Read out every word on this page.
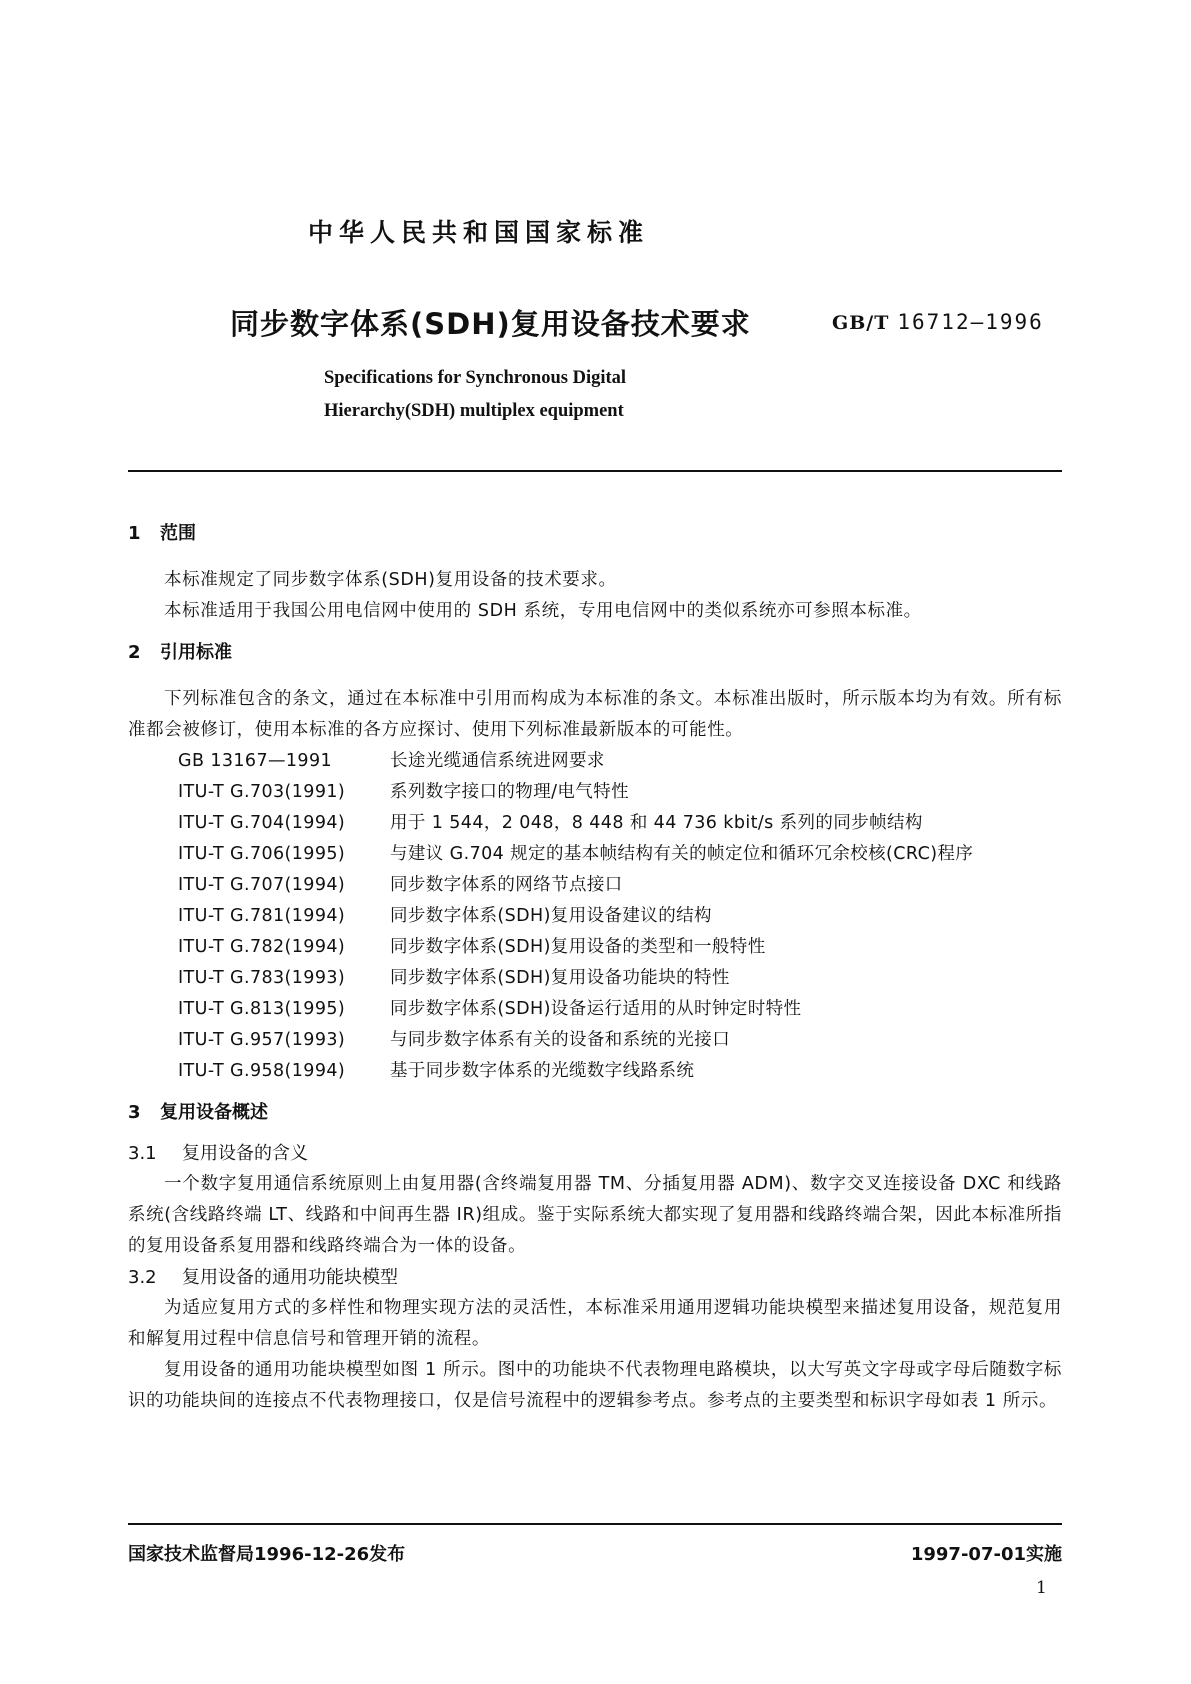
中华人民共和国国家标准
同步数字体系(SDH)复用设备技术要求	GB/T 16712—1996
Specifications for Synchronous Digital
Hierarchy(SDH) multiplex equipment
1 范围

本标准规定了同步数字体系(SDH)复用设备的技术要求。

本标准适用于我国公用电信网中使用的 SDH 系统，专用电信网中的类似系统亦可参照本标准。

2 引用标准

下列标准包含的条文，通过在本标准中引用而构成为本标准的条文。本标准出版时，所示版本均为有效。所有标准都会被修订，使用本标准的各方应探讨、使用下列标准最新版本的可能性。

GB 13167—1991	长途光缆通信系统进网要求
ITU-T G.703(1991)	系列数字接口的物理/电气特性
ITU-T G.704(1994)	用于 1 544，2 048，8 448 和 44 736 kbit/s 系列的同步帧结构
ITU-T G.706(1995)	与建议 G.704 规定的基本帧结构有关的帧定位和循环冗余校核(CRC)程序
ITU-T G.707(1994)	同步数字体系的网络节点接口
ITU-T G.781(1994)	同步数字体系(SDH)复用设备建议的结构
ITU-T G.782(1994)	同步数字体系(SDH)复用设备的类型和一般特性
ITU-T G.783(1993)	同步数字体系(SDH)复用设备功能块的特性
ITU-T G.813(1995)	同步数字体系(SDH)设备运行适用的从时钟定时特性
ITU-T G.957(1993)	与同步数字体系有关的设备和系统的光接口
ITU-T G.958(1994)	基于同步数字体系的光缆数字线路系统
3 复用设备概述
3.1 复用设备的含义

一个数字复用通信系统原则上由复用器(含终端复用器 TM、分插复用器 ADM)、数字交叉连接设备 DXC 和线路系统(含线路终端 LT、线路和中间再生器 IR)组成。鉴于实际系统大都实现了复用器和线路终端合架，因此本标准所指的复用设备系复用器和线路终端合为一体的设备。

3.2 复用设备的通用功能块模型

为适应复用方式的多样性和物理实现方法的灵活性，本标准采用通用逻辑功能块模型来描述复用设备，规范复用和解复用过程中信息信号和管理开销的流程。

复用设备的通用功能块模型如图 1 所示。图中的功能块不代表物理电路模块，以大写英文字母或字母后随数字标识的功能块间的连接点不代表物理接口，仅是信号流程中的逻辑参考点。参考点的主要类型和标识字母如表 1 所示。

国家技术监督局1996-12-26发布	1997-07-01实施
1
